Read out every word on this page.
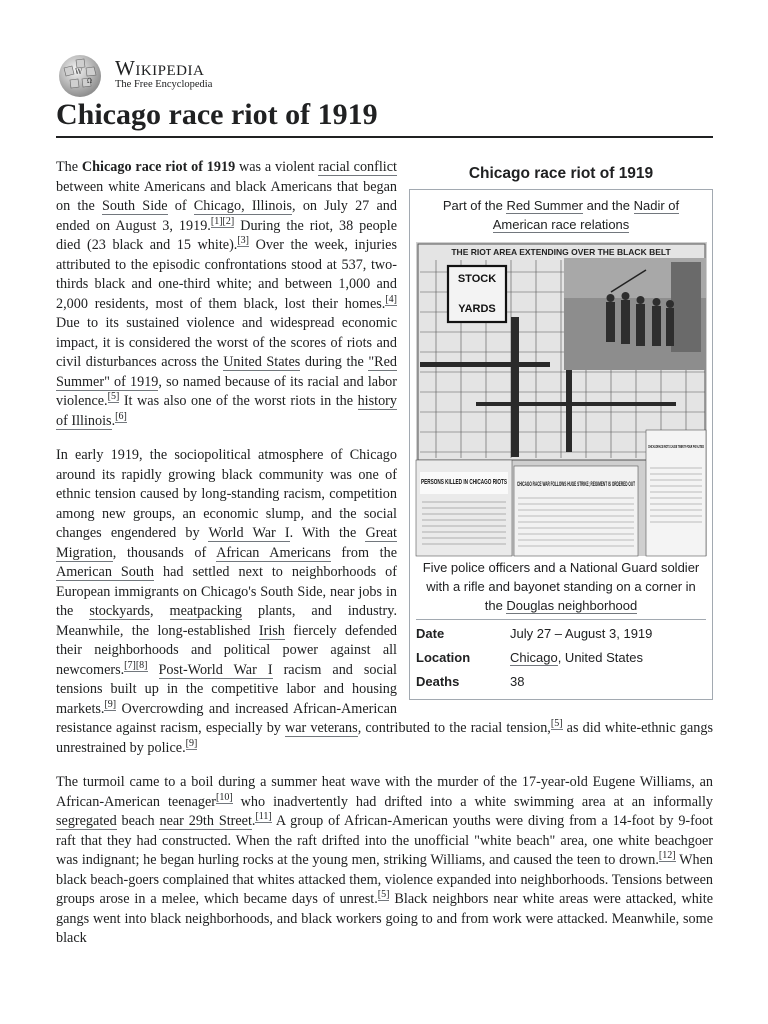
W
Ω
Wikipedia
The Free Encyclopedia
Chicago race riot of 1919
Chicago race riot of 1919
Part of the Red Summer and the Nadir of American race relations
THE RIOT AREA EXTENDING OVER THE BLACK BELT
STOCK
YARDS
PERSONS KILLED IN CHICAGO RIOTS CHICAGO RACE WAR FOLLOWS HUGE STRIKE; REGIMENT IS ORDERED OUT
CHICAGORACE RIOTS CAUSE TWENTY-FOUR FATALITIES
Five police officers and a National Guard soldier with a rifle and bayonet standing on a corner in the Douglas neighborhood
Date	July 27 – August 3, 1919
Location	Chicago, United States
Deaths	38

The Chicago race riot of 1919 was a violent racial conflict between white Americans and black Americans that began on the South Side of Chicago, Illinois, on July 27 and ended on August 3, 1919.[1][2] During the riot, 38 people died (23 black and 15 white).[3] Over the week, injuries attributed to the episodic confrontations stood at 537, two-thirds black and one-third white; and between 1,000 and 2,000 residents, most of them black, lost their homes.[4] Due to its sustained violence and widespread economic impact, it is considered the worst of the scores of riots and civil disturbances across the United States during the "Red Summer" of 1919, so named because of its racial and labor violence.[5] It was also one of the worst riots in the history of Illinois.[6]

In early 1919, the sociopolitical atmosphere of Chicago around its rapidly growing black community was one of ethnic tension caused by long-standing racism, competition among new groups, an economic slump, and the social changes engendered by World War I. With the Great Migration, thousands of African Americans from the American South had settled next to neighborhoods of European immigrants on Chicago's South Side, near jobs in the stockyards, meatpacking plants, and industry. Meanwhile, the long-established Irish fiercely defended their neighborhoods and political power against all newcomers.[7][8] Post-World War I racism and social tensions built up in the competitive labor and housing markets.[9] Overcrowding and increased African-American resistance against racism, especially by war veterans, contributed to the racial tension,[5] as did white-ethnic gangs unrestrained by police.[9]

The turmoil came to a boil during a summer heat wave with the murder of the 17-year-old Eugene Williams, an African-American teenager[10] who inadvertently had drifted into a white swimming area at an informally segregated beach near 29th Street.[11] A group of African-American youths were diving from a 14-foot by 9-foot raft that they had constructed. When the raft drifted into the unofficial "white beach" area, one white beachgoer was indignant; he began hurling rocks at the young men, striking Williams, and caused the teen to drown.[12] When black beach-goers complained that whites attacked them, violence expanded into neighborhoods. Tensions between groups arose in a melee, which became days of unrest.[5] Black neighbors near white areas were attacked, white gangs went into black neighborhoods, and black workers going to and from work were attacked. Meanwhile, some black
